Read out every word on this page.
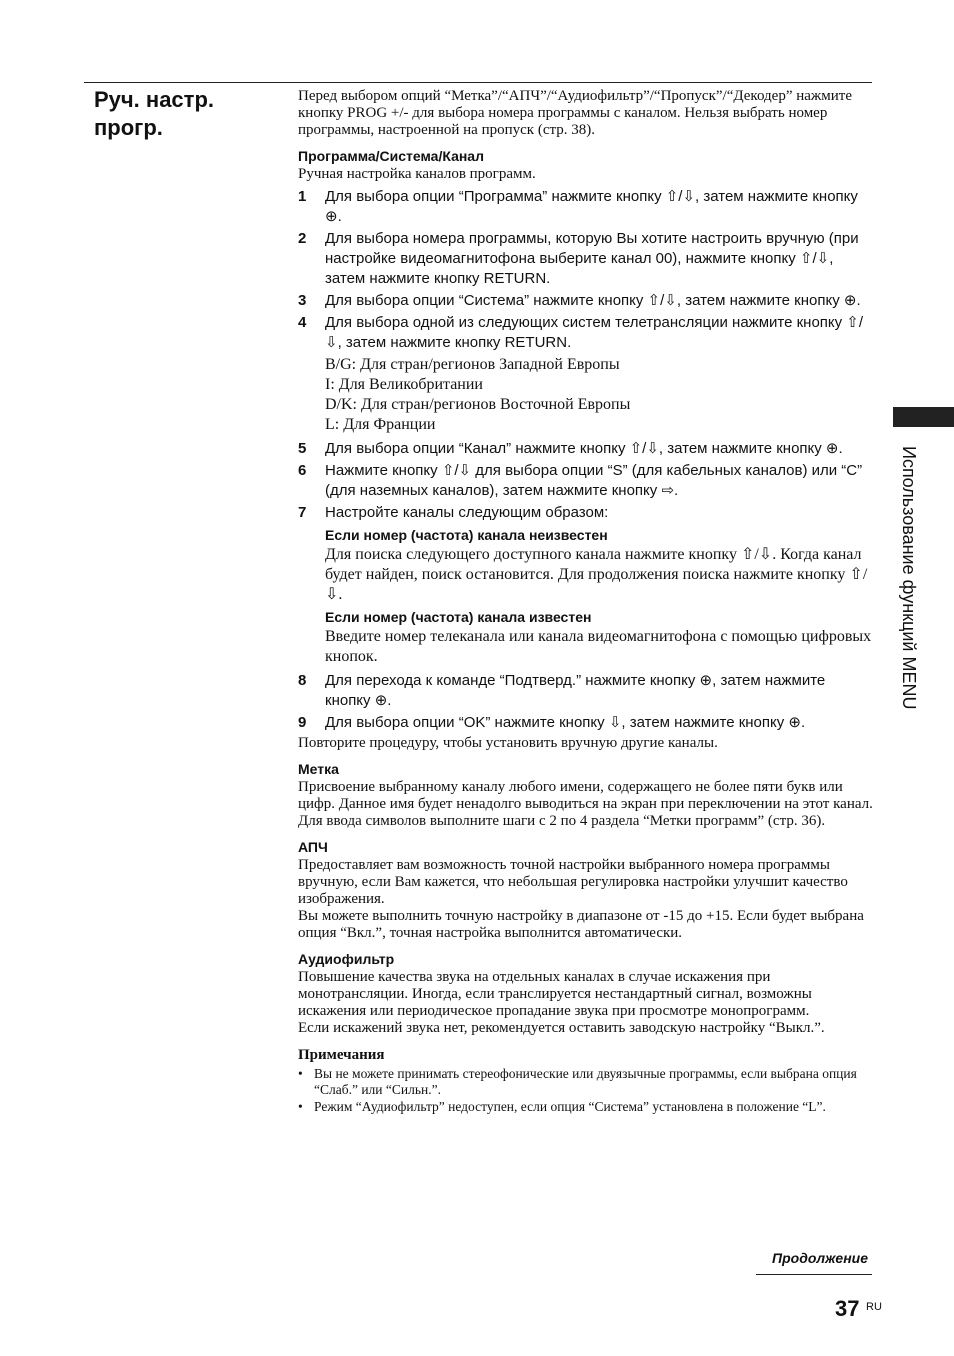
Руч. настр. прогр.

Перед выбором опций “Метка”/“АПЧ”/“Аудиофильтр”/“Пропуск”/“Декодер” нажмите кнопку PROG +/- для выбора номера программы с каналом. Нельзя выбрать номер программы, настроенной на пропуск (стр. 38).

Программа/Система/Канал

Ручная настройка каналов программ.

1	Для выбора опции “Программа” нажмите кнопку ⇧/⇩, затем нажмите кнопку ⊕.
2	Для выбора номера программы, которую Вы хотите настроить вручную (при настройке видеомагнитофона выберите канал 00), нажмите кнопку ⇧/⇩, затем нажмите кнопку RETURN.
3	Для выбора опции “Система” нажмите кнопку ⇧/⇩, затем нажмите кнопку ⊕.
4	Для выбора одной из следующих систем телетрансляции нажмите кнопку ⇧/⇩, затем нажмите кнопку RETURN.

B/G: Для стран/регионов Западной Европы

I: Для Великобритании

D/K: Для стран/регионов Восточной Европы

L: Для Франции

5	Для выбора опции “Канал” нажмите кнопку ⇧/⇩, затем нажмите кнопку ⊕.
6	Нажмите кнопку ⇧/⇩ для выбора опции “S” (для кабельных каналов) или “C” (для наземных каналов), затем нажмите кнопку ⇨.
7	Настройте каналы следующим образом:
Если номер (частота) канала неизвестен

Для поиска следующего доступного канала нажмите кнопку ⇧/⇩. Когда канал будет найден, поиск остановится. Для продолжения поиска нажмите кнопку ⇧/⇩.

Если номер (частота) канала известен

Введите номер телеканала или канала видеомагнитофона с помощью цифровых кнопок.

8	Для перехода к команде “Подтверд.” нажмите кнопку ⊕, затем нажмите кнопку ⊕.
9	Для выбора опции “OK” нажмите кнопку ⇩, затем нажмите кнопку ⊕.

Повторите процедуру, чтобы установить вручную другие каналы.

Метка

Присвоение выбранному каналу любого имени, содержащего не более пяти букв или цифр. Данное имя будет ненадолго выводиться на экран при переключении на этот канал.

Для ввода символов выполните шаги с 2 по 4 раздела “Метки программ” (стр. 36).

АПЧ

Предоставляет вам возможность точной настройки выбранного номера программы вручную, если Вам кажется, что небольшая регулировка настройки улучшит качество изображения.

Вы можете выполнить точную настройку в диапазоне от -15 до +15. Если будет выбрана опция “Вкл.”, точная настройка выполнится автоматически.

Аудиофильтр

Повышение качества звука на отдельных каналах в случае искажения при монотрансляции. Иногда, если транслируется нестандартный сигнал, возможны искажения или периодическое пропадание звука при просмотре монопрограмм.

Если искажений звука нет, рекомендуется оставить заводскую настройку “Выкл.”.

Примечания
• Вы не можете принимать стереофонические или двуязычные программы, если выбрана опция “Слаб.” или “Сильн.”.
• Режим “Аудиофильтр” недоступен, если опция “Система” установлена в положение “L”.
Использование функций MENU
Продолжение
37 RU
